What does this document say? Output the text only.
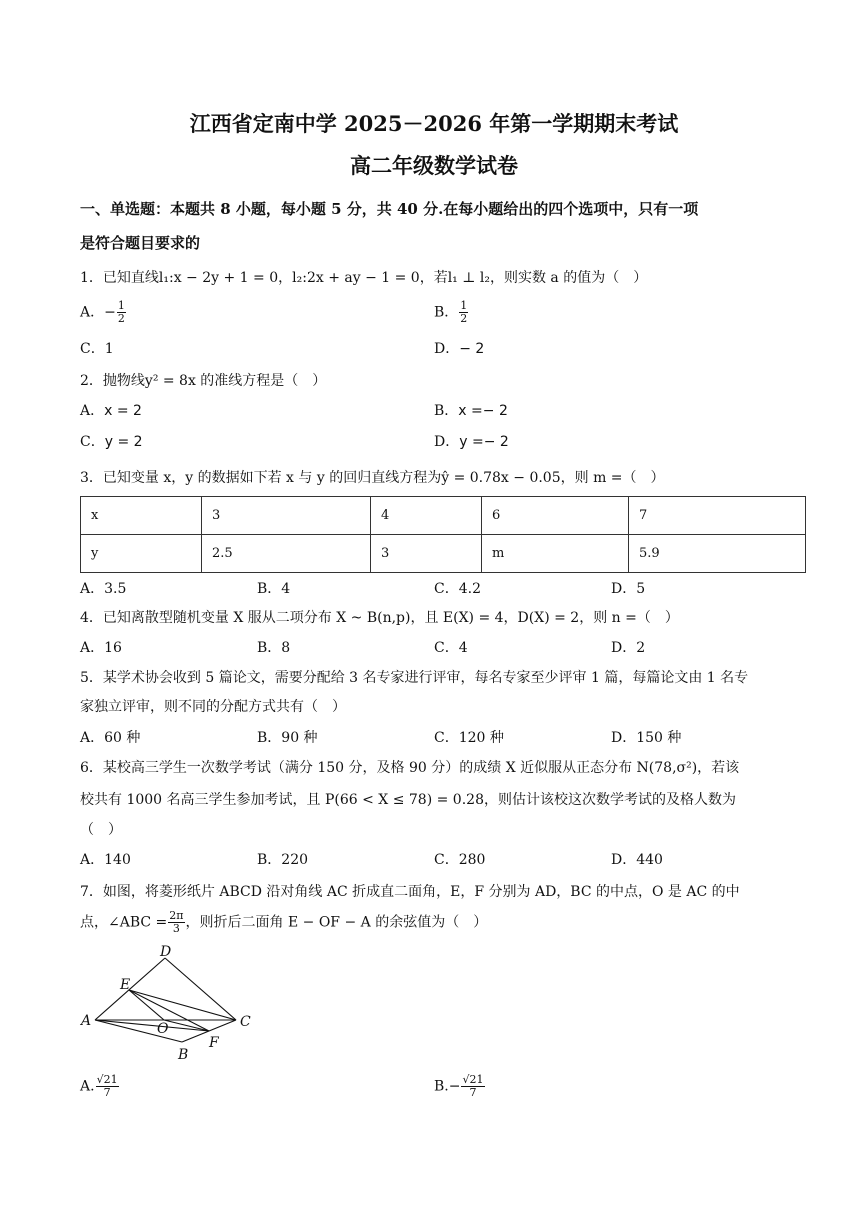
江西省定南中学 2025－2026 年第一学期期末考试
高二年级数学试卷
一、单选题：本题共 8 小题，每小题 5 分，共 40 分.在每小题给出的四个选项中，只有一项
是符合题目要求的
1．已知直线l₁:x − 2y + 1 = 0，l₂:2x + ay − 1 = 0，若l₁ ⊥ l₂，则实数 a 的值为（　）
A．− $\frac{1}{2}$	B． $\frac{1}{2}$
C．1	D．− 2
2．抛物线y² = 8x 的准线方程是（　）
A．x = 2	B．x =− 2
C．y = 2	D．y =− 2
3．已知变量 x，y 的数据如下若 x 与 y 的回归直线方程为ŷ = 0.78x − 0.05，则 m =（　）
x	3	4	6	7
y	2.5	3	m	5.9
A．3.5	B．4	C．4.2	D．5
4．已知离散型随机变量 X 服从二项分布 X ~ B(n,p)，且 E(X) = 4，D(X) = 2，则 n =（　）
A．16	B．8	C．4	D．2
5．某学术协会收到 5 篇论文，需要分配给 3 名专家进行评审，每名专家至少评审 1 篇，每篇论文由 1 名专
家独立评审，则不同的分配方式共有（　）
A．60 种	B．90 种	C．120 种	D．150 种
6．某校高三学生一次数学考试（满分 150 分，及格 90 分）的成绩 X 近似服从正态分布 N(78,σ²)，若该
校共有 1000 名高三学生参加考试，且 P(66 < X ≤ 78) = 0.28，则估计该校这次数学考试的及格人数为
（　）
A．140	B．220	C．280	D．440
7．如图，将菱形纸片 ABCD 沿对角线 AC 折成直二面角，E，F 分别为 AD，BC 的中点，O 是 AC 的中
点，∠ABC = $\frac{2\pi}{3}$ ，则折后二面角 E − OF − A 的余弦值为（　）
D
E
A	O	C
B
F
A. $\frac{√21}{7}$	$B.- \frac{√21}{7}$
